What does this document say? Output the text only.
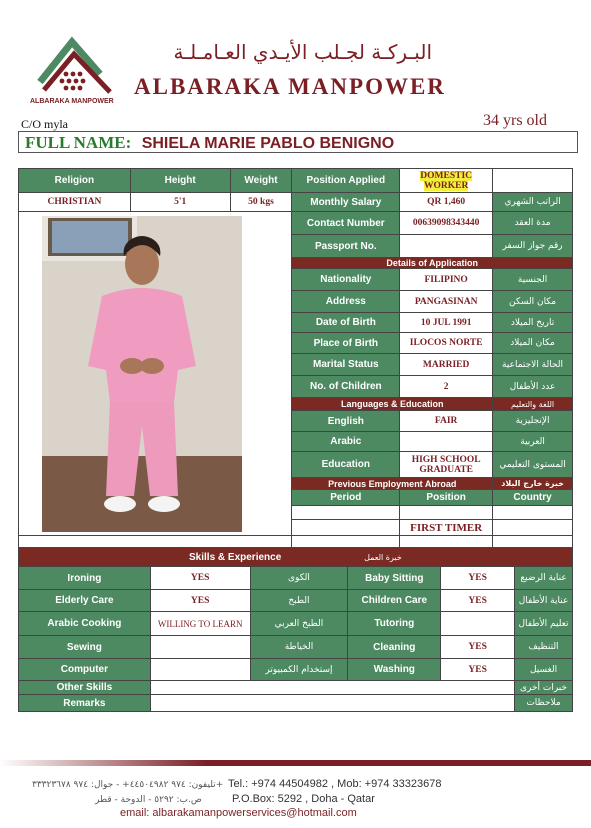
ALBARAKA MANPOWER
البـركـة لجـلب الأيـدي العـامـلـة
ALBARAKA MANPOWER
C/O myla	34 yrs old
FULL NAME: SHIELA MARIE PABLO BENIGNO
Religion	Height	Weight	Position Applied	DOMESTIC WORKER	
CHRISTIAN	5'1	50 kgs	Monthly Salary	QR 1,460	الراتب الشهري
			Contact Number	00639098343440	مدة العقد
			Passport No.		رقم جواز السفر
			Details of Application		
			Nationality	FILIPINO	الجنسية
			Address	PANGASINAN	مكان السكن
			Date of Birth	10 JUL 1991	تاريخ الميلاد
			Place of Birth	ILOCOS NORTE	مكان الميلاد
			Marital Status	MARRIED	الحالة الاجتماعية
			No. of Children	2	عدد الأطفال
			Languages & Education		اللغة والتعليم
			English	FAIR	الإنجليزية
			Arabic		العربية
			Education	HIGH SCHOOL GRADUATE	المستوى التعليمي
			Previous Employment Abroad		خبرة خارج البلاد
			Period	Position	Country

				FIRST TIMER	

Skills & Experience خبرة العمل					
Ironing	YES	الكوى	Baby Sitting	YES	عناية الرضيع
Elderly Care	YES	الطبخ	Children Care	YES	عناية الأطفال
Arabic Cooking	WILLING TO LEARN	الطبخ العربي	Tutoring		تعليم الأطفال
Sewing		الخياطة	Cleaning	YES	التنظيف
Computer		إستخدام الكمبيوتر	Washing	YES	الغسيل
Other Skills					خبرات أخرى
Remarks					ملاحظات
تليفون: ٩٧٤ ٤٤٥٠٤٩٨٢+ - جوال: ٩٧٤ ٣٣٣٢٣٦٧٨+ Tel.: +974 44504982 , Mob: +974 33323678
ص.ب: ٥٢٩٢ - الدوحة - قطر	P.O.Box: 5292 , Doha - Qatar
email: albarakamanpowerservices@hotmail.com
